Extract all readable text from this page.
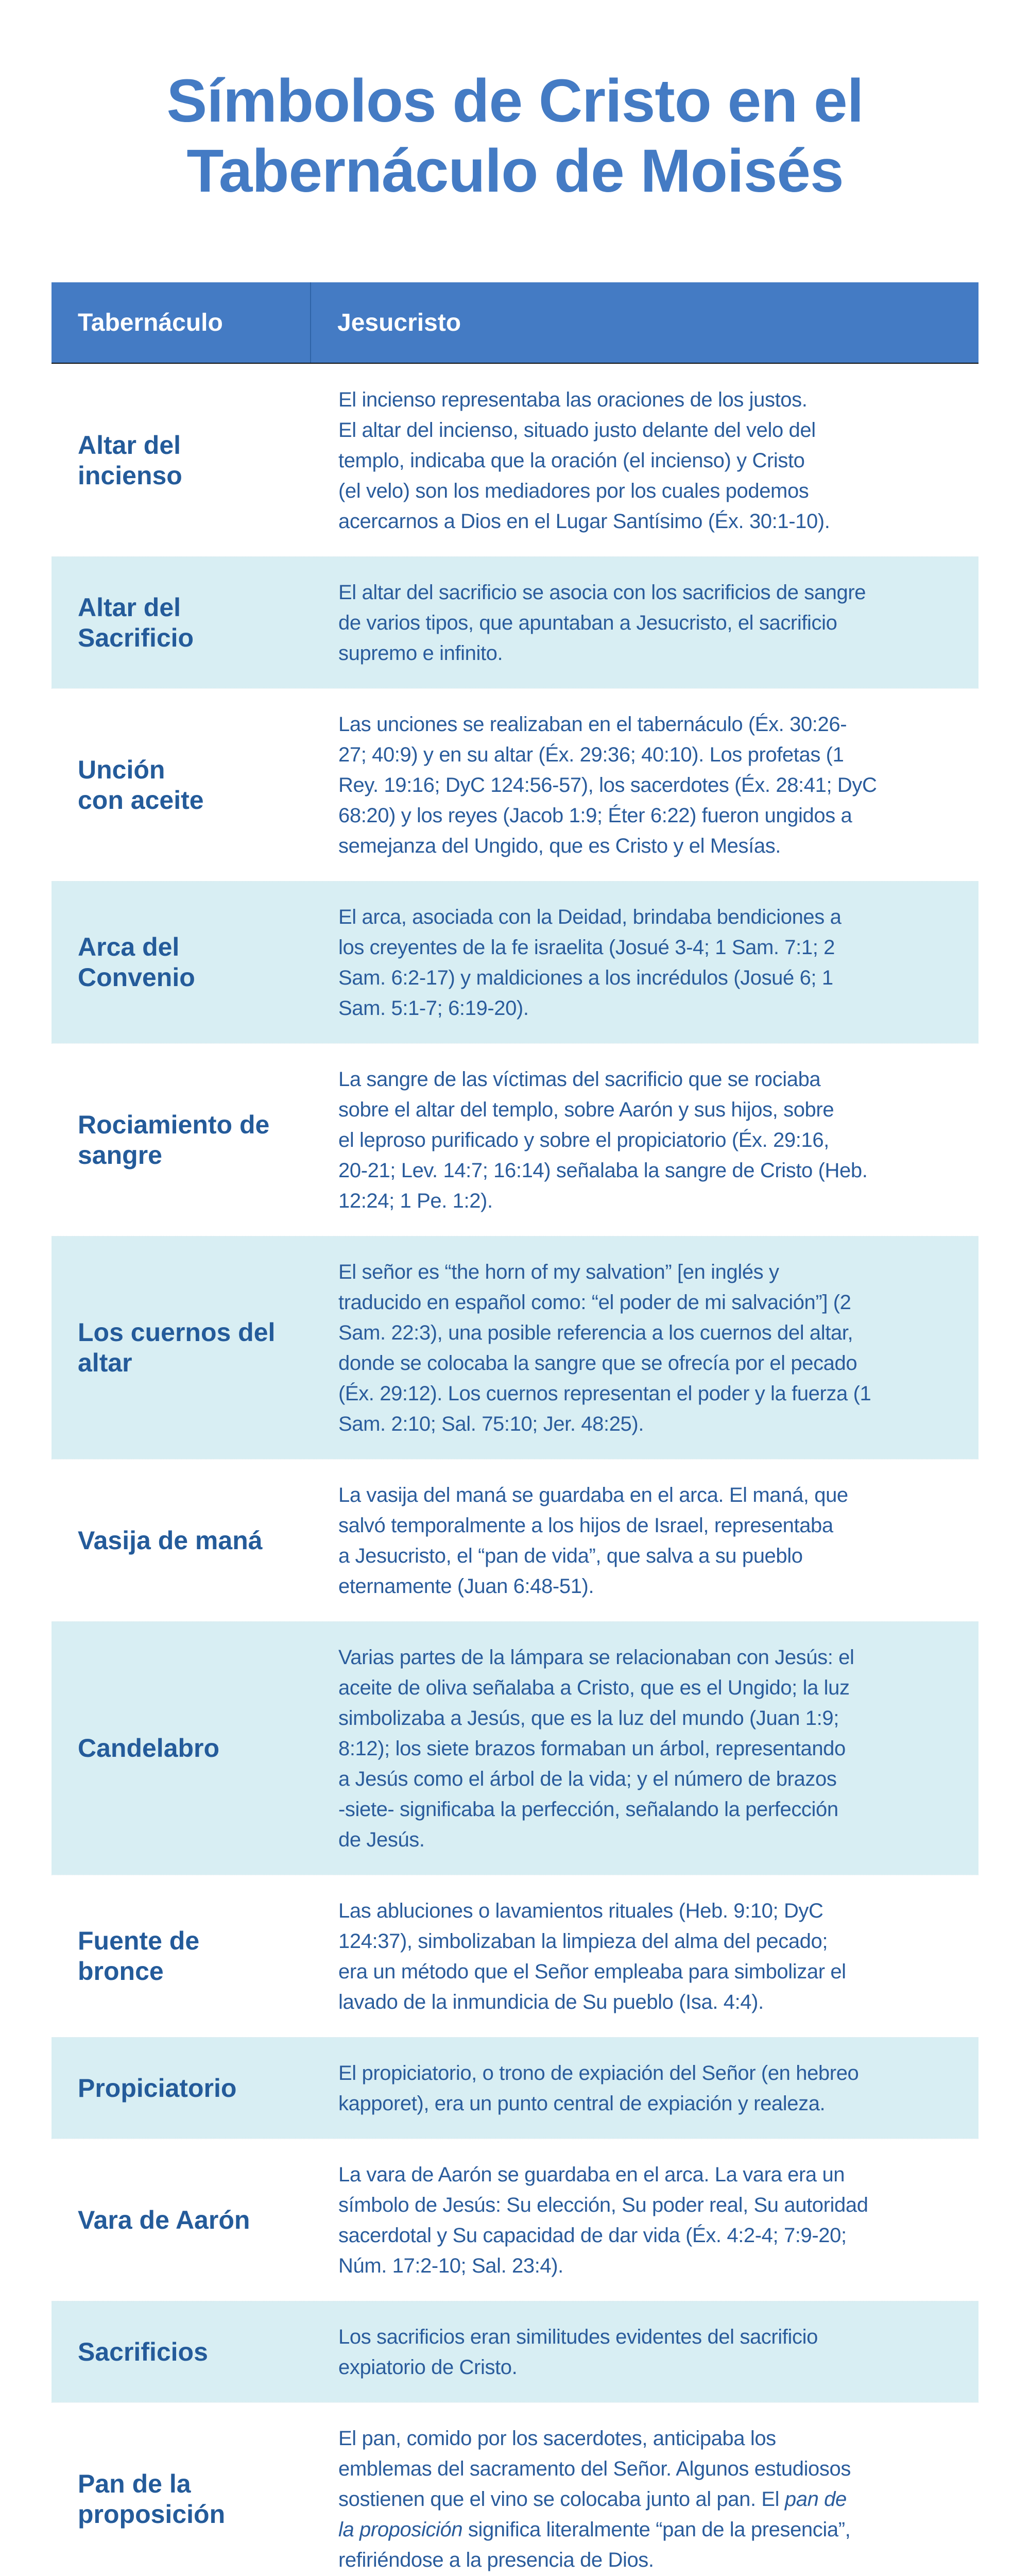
Símbolos de Cristo en el
Tabernáculo de Moisés
Tabernáculo	Jesucristo
Altar del
incienso
El incienso representaba las oraciones de los justos.
El altar del incienso, situado justo delante del velo del
templo, indicaba que la oración (el incienso) y Cristo
(el velo) son los mediadores por los cuales podemos
acercarnos a Dios en el Lugar Santísimo (Éx. 30:1-10).
Altar del
Sacrificio
El altar del sacrificio se asocia con los sacrificios de sangre
de varios tipos, que apuntaban a Jesucristo, el sacrificio
supremo e infinito.
Unción
con aceite
Las unciones se realizaban en el tabernáculo (Éx. 30:26-
27; 40:9) y en su altar (Éx. 29:36; 40:10). Los profetas (1
Rey. 19:16; DyC 124:56-57), los sacerdotes (Éx. 28:41; DyC
68:20) y los reyes (Jacob 1:9; Éter 6:22) fueron ungidos a
semejanza del Ungido, que es Cristo y el Mesías.
Arca del
Convenio
El arca, asociada con la Deidad, brindaba bendiciones a
los creyentes de la fe israelita (Josué 3-4; 1 Sam. 7:1; 2
Sam. 6:2-17) y maldiciones a los incrédulos (Josué 6; 1
Sam. 5:1-7; 6:19-20).
Rociamiento de
sangre
La sangre de las víctimas del sacrificio que se rociaba
sobre el altar del templo, sobre Aarón y sus hijos, sobre
el leproso purificado y sobre el propiciatorio (Éx. 29:16,
20-21; Lev. 14:7; 16:14) señalaba la sangre de Cristo (Heb.
12:24; 1 Pe. 1:2).
Los cuernos del
altar
El señor es “the horn of my salvation” [en inglés y
traducido en español como: “el poder de mi salvación”] (2
Sam. 22:3), una posible referencia a los cuernos del altar,
donde se colocaba la sangre que se ofrecía por el pecado
(Éx. 29:12). Los cuernos representan el poder y la fuerza (1
Sam. 2:10; Sal. 75:10; Jer. 48:25).
Vasija de maná
La vasija del maná se guardaba en el arca. El maná, que
salvó temporalmente a los hijos de Israel, representaba
a Jesucristo, el “pan de vida”, que salva a su pueblo
eternamente (Juan 6:48-51).
Candelabro
Varias partes de la lámpara se relacionaban con Jesús: el
aceite de oliva señalaba a Cristo, que es el Ungido; la luz
simbolizaba a Jesús, que es la luz del mundo (Juan 1:9;
8:12); los siete brazos formaban un árbol, representando
a Jesús como el árbol de la vida; y el número de brazos
-siete- significaba la perfección, señalando la perfección
de Jesús.
Fuente de
bronce
Las abluciones o lavamientos rituales (Heb. 9:10; DyC
124:37), simbolizaban la limpieza del alma del pecado;
era un método que el Señor empleaba para simbolizar el
lavado de la inmundicia de Su pueblo (Isa. 4:4).
Propiciatorio
El propiciatorio, o trono de expiación del Señor (en hebreo
kapporet), era un punto central de expiación y realeza.
Vara de Aarón
La vara de Aarón se guardaba en el arca. La vara era un
símbolo de Jesús: Su elección, Su poder real, Su autoridad
sacerdotal y Su capacidad de dar vida (Éx. 4:2-4; 7:9-20;
Núm. 17:2-10; Sal. 23:4).
Sacrificios
Los sacrificios eran similitudes evidentes del sacrificio
expiatorio de Cristo.
Pan de la
proposición
El pan, comido por los sacerdotes, anticipaba los
emblemas del sacramento del Señor. Algunos estudiosos
sostienen que el vino se colocaba junto al pan. El pan de
la proposición significa literalmente “pan de la presencia”,
refiriéndose a la presencia de Dios.
